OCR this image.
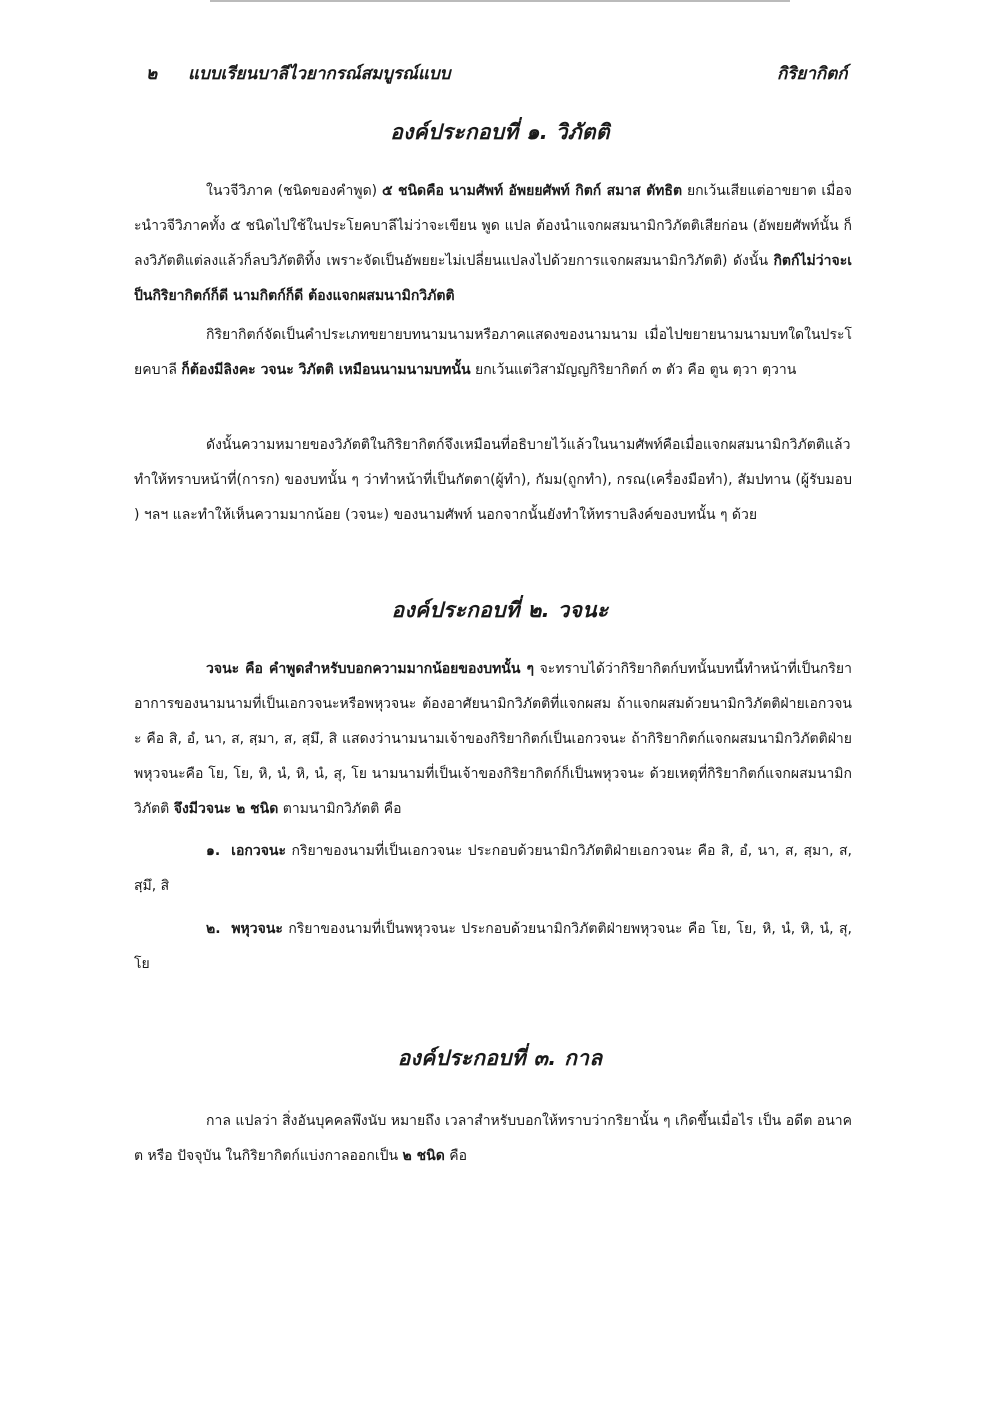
๒ แบบเรียนบาลีไวยากรณ์สมบูรณ์แบบ	กิริยากิตก์
องค์ประกอบที่ ๑. วิภัตติ
ในวจีวิภาค (ชนิดของคำพูด) ๕ ชนิดคือ นามศัพท์ อัพยยศัพท์ กิตก์ สมาส ตัทธิต ยกเว้นเสียแต่อาขยาต เมื่อจะนำวจีวิภาคทั้ง ๕ ชนิดไปใช้ในประโยคบาลีไม่ว่าจะเขียน พูด แปล ต้องนำแจกผสมนามิกวิภัตติเสียก่อน (อัพยยศัพท์นั้น ก็ลงวิภัตติแต่ลงแล้วก็ลบวิภัตติทิ้ง เพราะจัดเป็นอัพยยะไม่เปลี่ยนแปลงไปด้วยการแจกผสมนามิกวิภัตติ) ดังนั้น กิตก์ไม่ว่าจะเป็นกิริยากิตก์ก็ดี นามกิตก์ก็ดี ต้องแจกผสมนามิกวิภัตติ
กิริยากิตก์จัดเป็นคำประเภทขยายบทนามนามหรือภาคแสดงของนามนาม เมื่อไปขยายนามนามบทใดในประโยคบาลี ก็ต้องมีลิงคะ วจนะ วิภัตติ เหมือนนามนามบทนั้น ยกเว้นแต่วิสามัญญกิริยากิตก์ ๓ ตัว คือ ตูน ตฺวา ตฺวาน
ดังนั้นความหมายของวิภัตติในกิริยากิตก์จึงเหมือนที่อธิบายไว้แล้วในนามศัพท์คือเมื่อแจกผสมนามิกวิภัตติแล้ว ทำให้ทราบหน้าที่(การก) ของบทนั้น ๆ ว่าทำหน้าที่เป็นกัตตา(ผู้ทำ), กัมม(ถูกทำ), กรณ(เครื่องมือทำ), สัมปทาน (ผู้รับมอบ ) ฯลฯ และทำให้เห็นความมากน้อย (วจนะ) ของนามศัพท์ นอกจากนั้นยังทำให้ทราบลิงค์ของบทนั้น ๆ ด้วย
องค์ประกอบที่ ๒. วจนะ
วจนะ คือ คำพูดสำหรับบอกความมากน้อยของบทนั้น ๆ จะทราบได้ว่ากิริยากิตก์บทนั้นบทนี้ทำหน้าที่เป็นกริยาอาการของนามนามที่เป็นเอกวจนะหรือพหุวจนะ ต้องอาศัยนามิกวิภัตติที่แจกผสม ถ้าแจกผสมด้วยนามิกวิภัตติฝ่ายเอกวจนะ คือ สิ, อํ, นา, ส, สฺมา, ส, สฺมึ, สิ แสดงว่านามนามเจ้าของกิริยากิตก์เป็นเอกวจนะ ถ้ากิริยากิตก์แจกผสมนามิกวิภัตติฝ่ายพหุวจนะคือ โย, โย, หิ, นํ, หิ, นํ, สุ, โย นามนามที่เป็นเจ้าของกิริยากิตก์ก็เป็นพหุวจนะ ด้วยเหตุที่กิริยากิตก์แจกผสมนามิกวิภัตติ จึงมีวจนะ ๒ ชนิด ตามนามิกวิภัตติ คือ
๑. เอกวจนะ กริยาของนามที่เป็นเอกวจนะ ประกอบด้วยนามิกวิภัตติฝ่ายเอกวจนะ คือ สิ, อํ, นา, ส, สฺมา, ส, สฺมึ, สิ
๒. พหุวจนะ กริยาของนามที่เป็นพหุวจนะ ประกอบด้วยนามิกวิภัตติฝ่ายพหุวจนะ คือ โย, โย, หิ, นํ, หิ, นํ, สุ, โย
องค์ประกอบที่ ๓. กาล
กาล แปลว่า สิ่งอันบุคคลพึงนับ หมายถึง เวลาสำหรับบอกให้ทราบว่ากริยานั้น ๆ เกิดขึ้นเมื่อไร เป็น อดีต อนาคต หรือ ปัจจุบัน ในกิริยากิตก์แบ่งกาลออกเป็น ๒ ชนิด คือ
